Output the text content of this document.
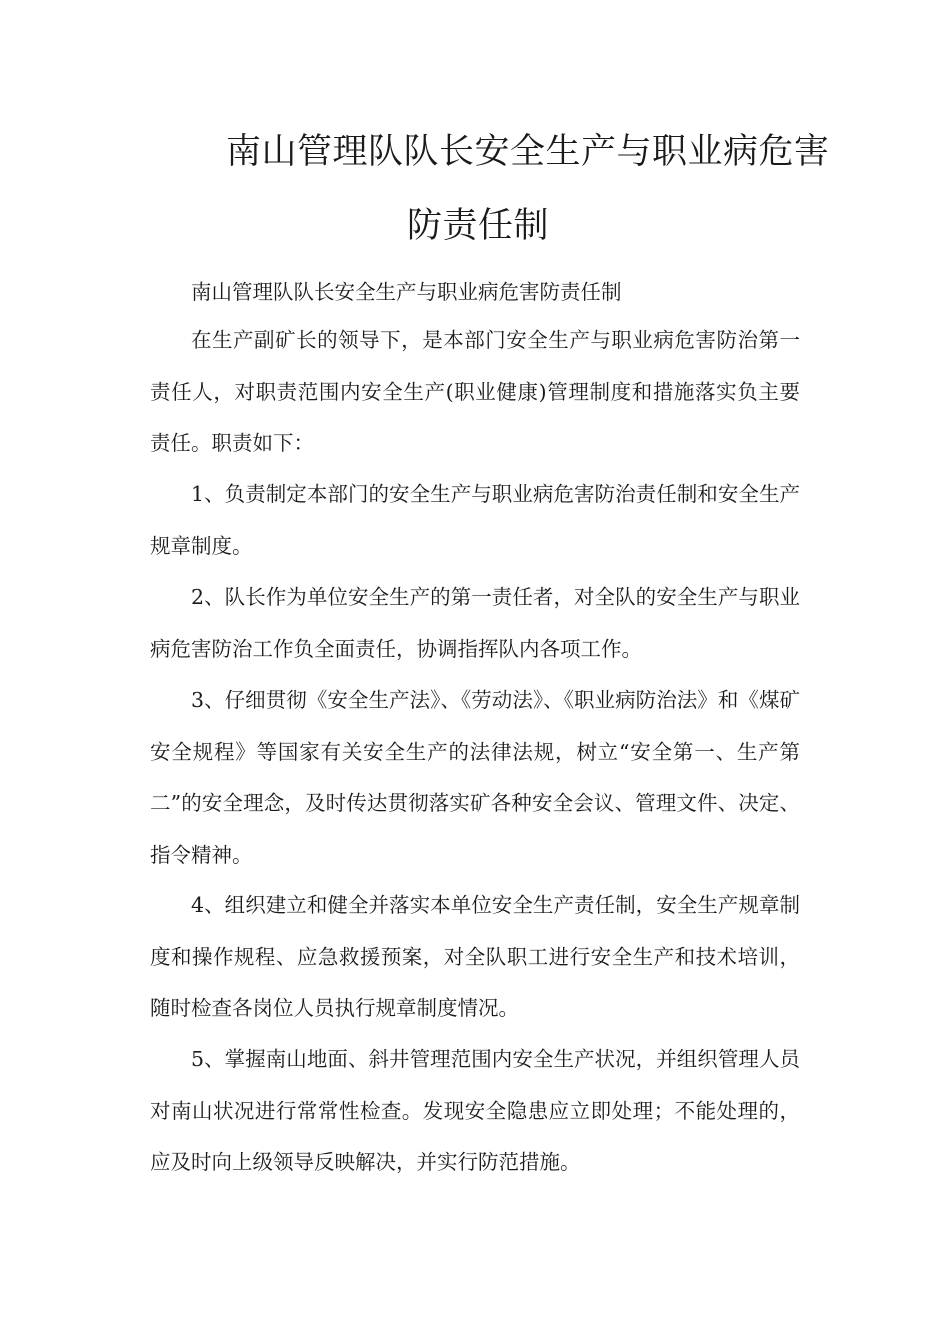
南山管理队队长安全生产与职业病危害
防责任制

南山管理队队长安全生产与职业病危害防责任制

在生产副矿长的领导下，是本部门安全生产与职业病危害防治第一责任人，对职责范围内安全生产(职业健康)管理制度和措施落实负主要责任。职责如下：

1、负责制定本部门的安全生产与职业病危害防治责任制和安全生产规章制度。

2、队长作为单位安全生产的第一责任者，对全队的安全生产与职业病危害防治工作负全面责任，协调指挥队内各项工作。

3、仔细贯彻《安全生产法》、《劳动法》、《职业病防治法》和《煤矿安全规程》等国家有关安全生产的法律法规，树立“安全第一、生产第二”的安全理念，及时传达贯彻落实矿各种安全会议、管理文件、决定、指令精神。

4、组织建立和健全并落实本单位安全生产责任制，安全生产规章制度和操作规程、应急救援预案，对全队职工进行安全生产和技术培训，随时检查各岗位人员执行规章制度情况。

5、掌握南山地面、斜井管理范围内安全生产状况，并组织管理人员对南山状况进行常常性检查。发现安全隐患应立即处理；不能处理的，应及时向上级领导反映解决，并实行防范措施。
